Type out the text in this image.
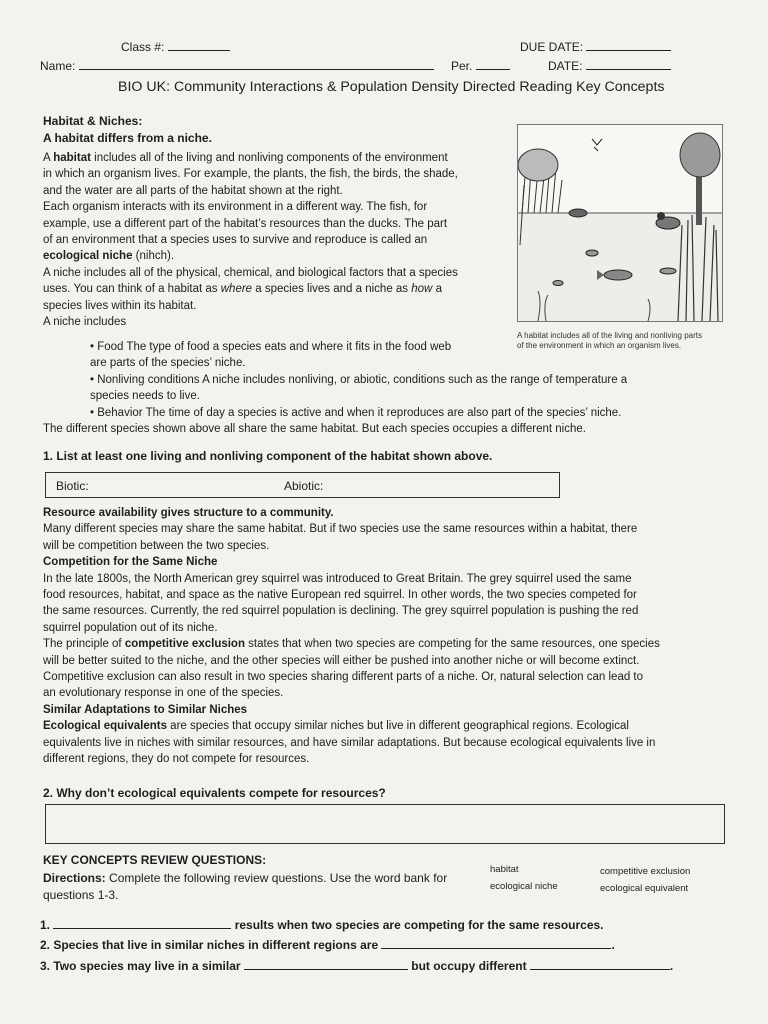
Class #:	DUE DATE:
Name:	Per.	DATE:
BIO UK: Community Interactions & Population Density Directed Reading Key Concepts
Habitat & Niches:
A habitat differs from a niche.

A habitat includes all of the living and nonliving components of the environment

in which an organism lives. For example, the plants, the fish, the birds, the shade,

and the water are all parts of the habitat shown at the right.

Each organism interacts with its environment in a different way. The fish, for

example, use a different part of the habitat’s resources than the ducks. The part

of an environment that a species uses to survive and reproduce is called an

ecological niche (nihch).

A niche includes all of the physical, chemical, and biological factors that a species

uses. You can think of a habitat as where a species lives and a niche as how a

species lives within its habitat.

A niche includes

• Food The type of food a species eats and where it fits in the food web

are parts of the species’ niche.

• Nonliving conditions A niche includes nonliving, or abiotic, conditions such as the range of temperature a

species needs to live.

• Behavior The time of day a species is active and when it reproduces are also part of the species’ niche.

The different species shown above all share the same habitat. But each species occupies a different niche.

A habitat includes all of the living and nonliving parts of the environment in which an organism lives.
1. List at least one living and nonliving component of the habitat shown above.
Biotic:	Abiotic:

Resource availability gives structure to a community.

Many different species may share the same habitat. But if two species use the same resources within a habitat, there

will be competition between the two species.

Competition for the Same Niche

In the late 1800s, the North American grey squirrel was introduced to Great Britain. The grey squirrel used the same

food resources, habitat, and space as the native European red squirrel. In other words, the two species competed for

the same resources. Currently, the red squirrel population is declining. The grey squirrel population is pushing the red

squirrel population out of its niche.

The principle of competitive exclusion states that when two species are competing for the same resources, one species

will be better suited to the niche, and the other species will either be pushed into another niche or will become extinct.

Competitive exclusion can also result in two species sharing different parts of a niche. Or, natural selection can lead to

an evolutionary response in one of the species.

Similar Adaptations to Similar Niches

Ecological equivalents are species that occupy similar niches but live in different geographical regions. Ecological

equivalents live in niches with similar resources, and have similar adaptations. But because ecological equivalents live in

different regions, they do not compete for resources.

2. Why don’t ecological equivalents compete for resources?
KEY CONCEPTS REVIEW QUESTIONS:
Directions: Complete the following review questions. Use the word bank for
questions 1-3.
habitat	competitive exclusion
ecological niche	ecological equivalent
1.	results when two species are competing for the same resources.
2. Species that live in similar niches in different regions are	.
3. Two species may live in a similar	but occupy different	.
